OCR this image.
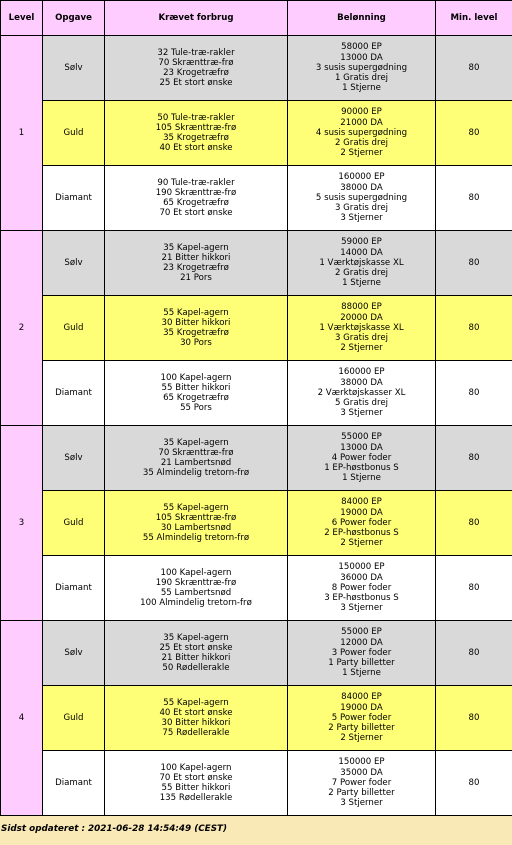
Level	Opgave	Krævet forbrug	Belønning	Min. level
1	Sølv	32 Tule-træ-rakler
70 Skrænttræ-frø
23 Krogetræfrø
25 Et stort ønske	58000 EP
13000 DA
3 susis supergødning
1 Gratis drej
1 Stjerne	80
	Guld	50 Tule-træ-rakler
105 Skrænttræ-frø
35 Krogetræfrø
40 Et stort ønske	90000 EP
21000 DA
4 susis supergødning
2 Gratis drej
2 Stjerner	80
	Diamant	90 Tule-træ-rakler
190 Skrænttræ-frø
65 Krogetræfrø
70 Et stort ønske	160000 EP
38000 DA
5 susis supergødning
3 Gratis drej
3 Stjerner	80
2	Sølv	35 Kapel-agern
21 Bitter hikkori
23 Krogetræfrø
21 Pors	59000 EP
14000 DA
1 Værktøjskasse XL
2 Gratis drej
1 Stjerne	80
	Guld	55 Kapel-agern
30 Bitter hikkori
35 Krogetræfrø
30 Pors	88000 EP
20000 DA
1 Værktøjskasse XL
3 Gratis drej
2 Stjerner	80
	Diamant	100 Kapel-agern
55 Bitter hikkori
65 Krogetræfrø
55 Pors	160000 EP
38000 DA
2 Værktøjskasser XL
5 Gratis drej
3 Stjerner	80
3	Sølv	35 Kapel-agern
70 Skrænttræ-frø
21 Lambertsnød
35 Almindelig tretorn-frø	55000 EP
13000 DA
4 Power foder
1 EP-høstbonus S
1 Stjerne	80
	Guld	55 Kapel-agern
105 Skrænttræ-frø
30 Lambertsnød
55 Almindelig tretorn-frø	84000 EP
19000 DA
6 Power foder
2 EP-høstbonus S
2 Stjerner	80
	Diamant	100 Kapel-agern
190 Skrænttræ-frø
55 Lambertsnød
100 Almindelig tretorn-frø	150000 EP
36000 DA
8 Power foder
3 EP-høstbonus S
3 Stjerner	80
4	Sølv	35 Kapel-agern
25 Et stort ønske
21 Bitter hikkori
50 Rødellerakle	55000 EP
12000 DA
3 Power foder
1 Party billetter
1 Stjerne	80
	Guld	55 Kapel-agern
40 Et stort ønske
30 Bitter hikkori
75 Rødellerakle	84000 EP
19000 DA
5 Power foder
2 Party billetter
2 Stjerner	80
	Diamant	100 Kapel-agern
70 Et stort ønske
55 Bitter hikkori
135 Rødellerakle	150000 EP
35000 DA
7 Power foder
2 Party billetter
3 Stjerner	80
Sidst opdateret : 2021-06-28 14:54:49 (CEST)
